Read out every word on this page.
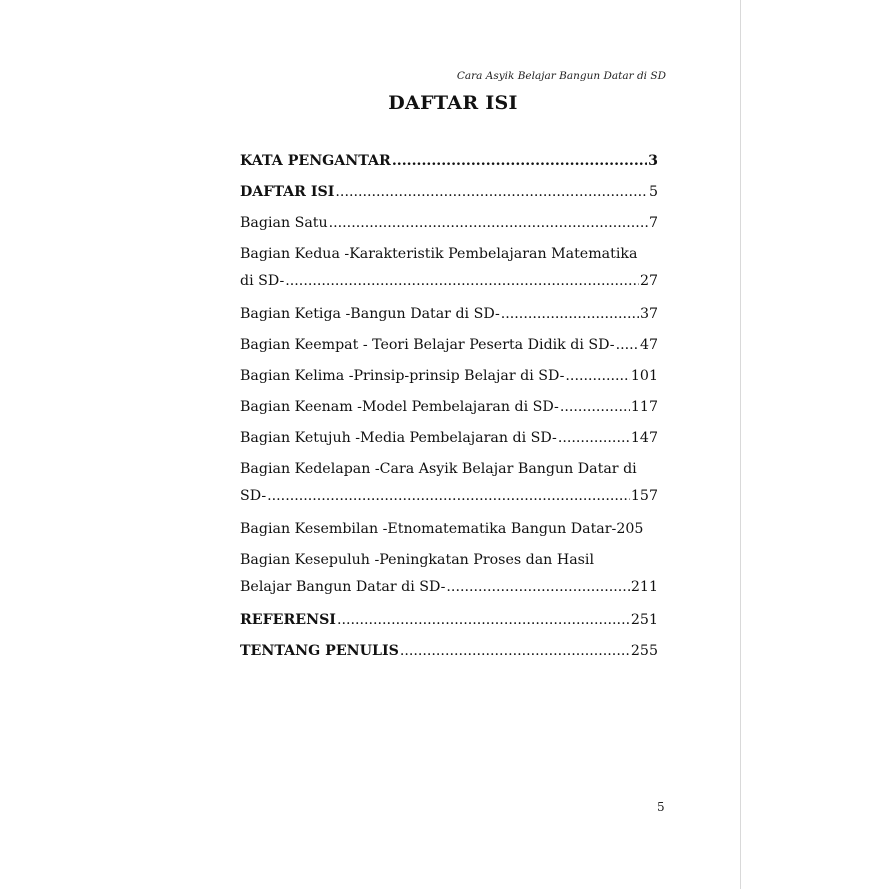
Cara Asyik Belajar Bangun Datar di SD
DAFTAR ISI
KATA PENGANTAR .....	3
DAFTAR ISI .....	5
Bagian Satu .....	7
Bagian Kedua -Karakteristik Pembelajaran Matematika
di SD- .....	27
Bagian Ketiga -Bangun Datar di SD- .....	37
Bagian Keempat - Teori Belajar Peserta Didik di SD- ..... 47
Bagian Kelima -Prinsip-prinsip Belajar di SD- .....	101
Bagian Keenam -Model Pembelajaran di SD- .....	117
Bagian Ketujuh -Media Pembelajaran di SD- .....	147
Bagian Kedelapan -Cara Asyik Belajar Bangun Datar di
SD- .....	157
Bagian Kesembilan -Etnomatematika Bangun Datar- 205
Bagian Kesepuluh -Peningkatan Proses dan Hasil
Belajar Bangun Datar di SD- .....	211
REFERENSI .....	251
TENTANG PENULIS .....	255
5
